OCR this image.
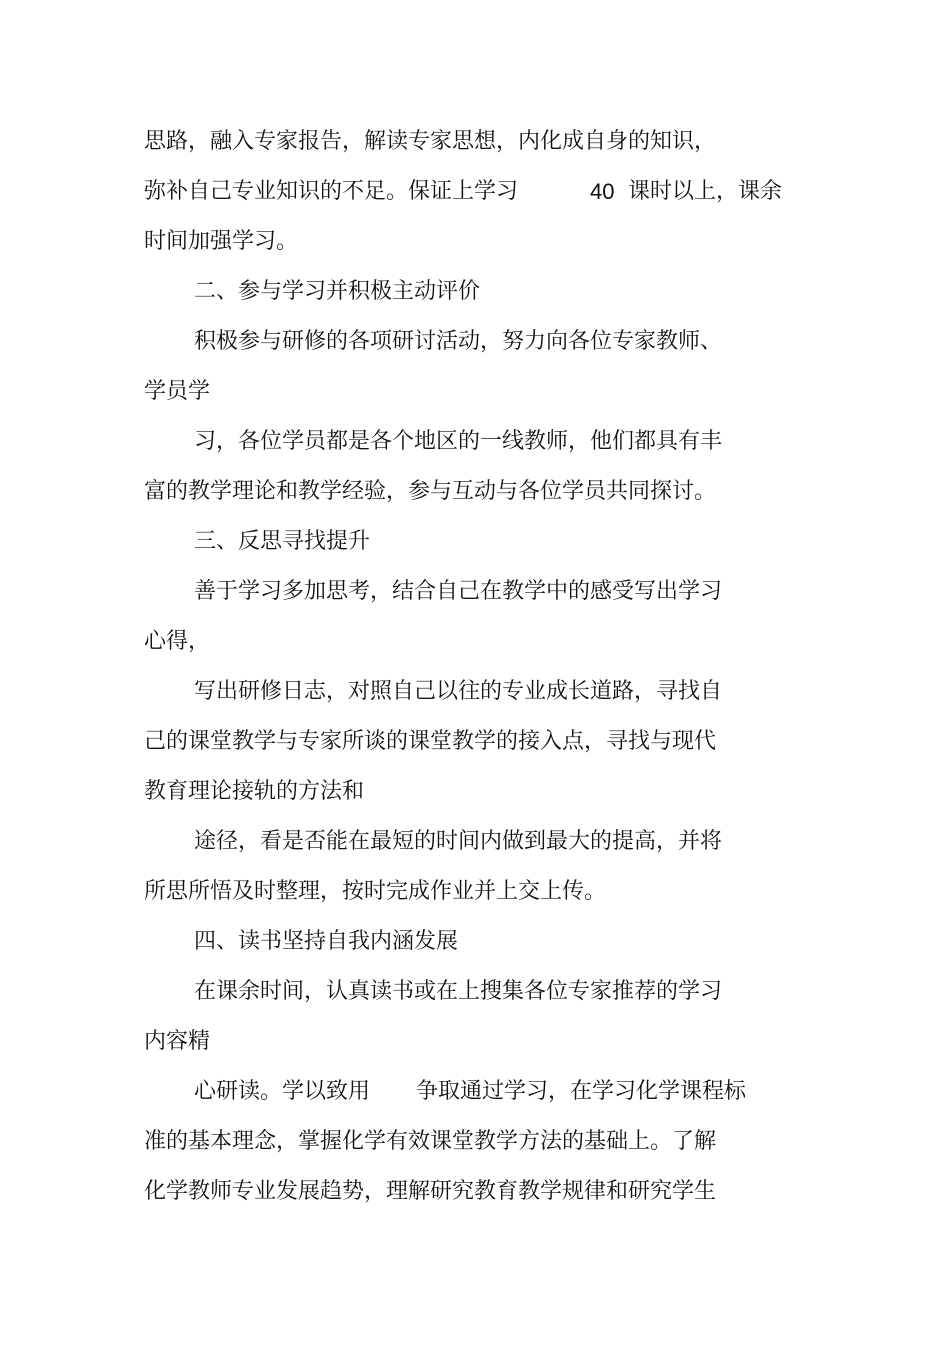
思路，融入专家报告，解读专家思想，内化成自身的知识，
弥补自己专业知识的不足。保证上学习	40 课时以上，课余
时间加强学习。
二、参与学习并积极主动评价
积极参与研修的各项研讨活动，努力向各位专家教师、
学员学
习，各位学员都是各个地区的一线教师，他们都具有丰
富的教学理论和教学经验，参与互动与各位学员共同探讨。
三、反思寻找提升
善于学习多加思考，结合自己在教学中的感受写出学习
心得，
写出研修日志，对照自己以往的专业成长道路，寻找自
己的课堂教学与专家所谈的课堂教学的接入点，寻找与现代
教育理论接轨的方法和
途径，看是否能在最短的时间内做到最大的提高，并将
所思所悟及时整理，按时完成作业并上交上传。
四、读书坚持自我内涵发展
在课余时间，认真读书或在上搜集各位专家推荐的学习
内容精
心研读。学以致用 争取通过学习，在学习化学课程标
准的基本理念，掌握化学有效课堂教学方法的基础上。了解
化学教师专业发展趋势，理解研究教育教学规律和研究学生
